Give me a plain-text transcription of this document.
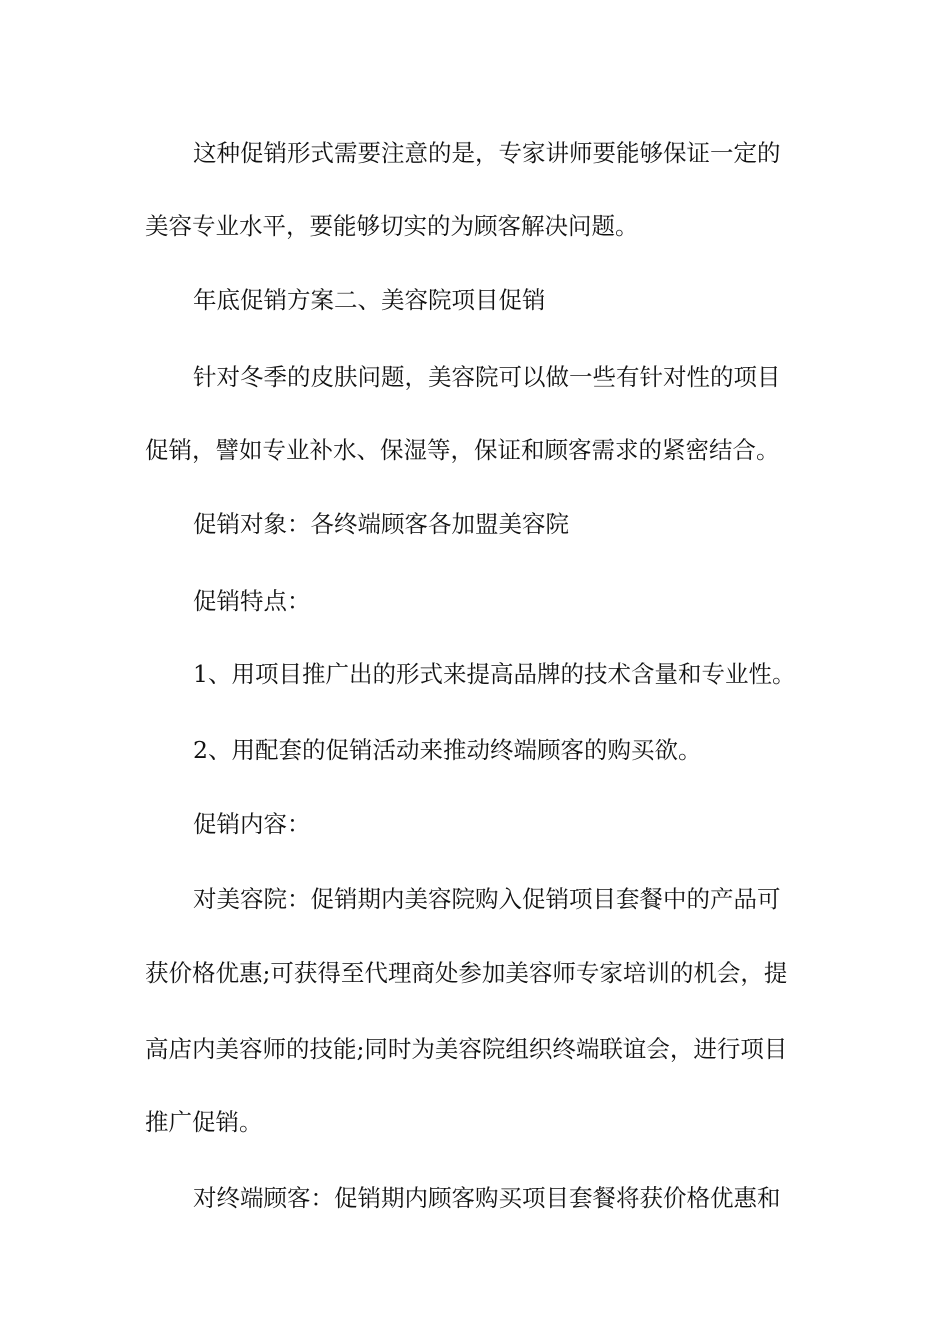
这种促销形式需要注意的是，专家讲师要能够保证一定的
美容专业水平，要能够切实的为顾客解决问题。
年底促销方案二、美容院项目促销
针对冬季的皮肤问题，美容院可以做一些有针对性的项目
促销，譬如专业补水、保湿等，保证和顾客需求的紧密结合。
促销对象：各终端顾客各加盟美容院
促销特点：
1、用项目推广出的形式来提高品牌的技术含量和专业性。
2、用配套的促销活动来推动终端顾客的购买欲。
促销内容：
对美容院：促销期内美容院购入促销项目套餐中的产品可
获价格优惠;可获得至代理商处参加美容师专家培训的机会，提
高店内美容师的技能;同时为美容院组织终端联谊会，进行项目
推广促销。
对终端顾客：促销期内顾客购买项目套餐将获价格优惠和
